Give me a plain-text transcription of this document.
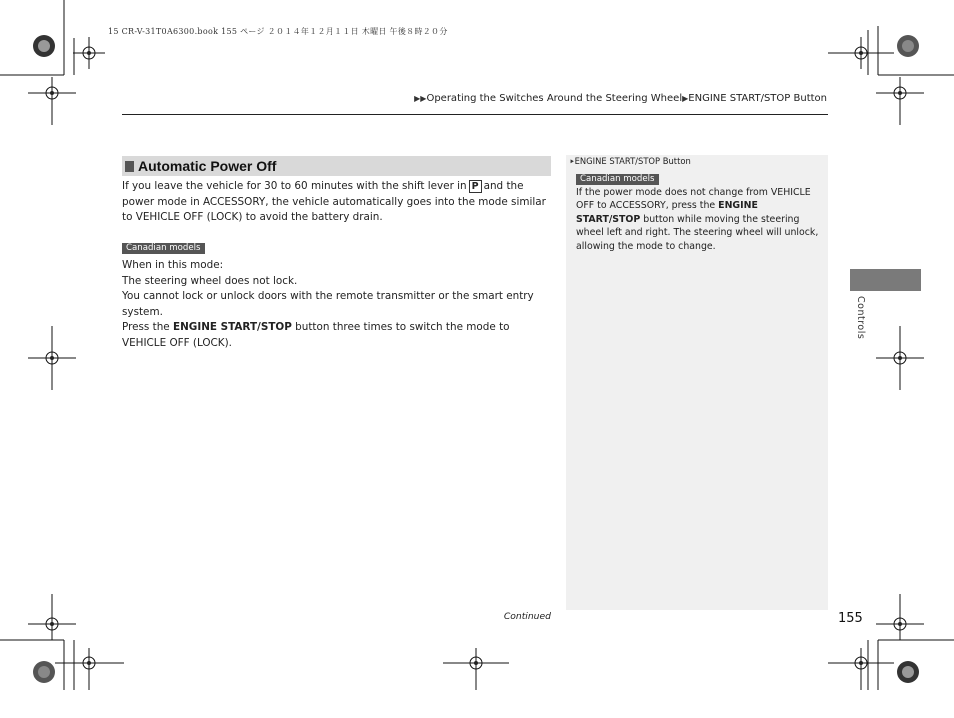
15 CR-V-31T0A6300.book 155 ページ ２０１４年１２月１１日 木曜日 午後８時２０分
▶▶Operating the Switches Around the Steering Wheel▶ENGINE START/STOP Button
Automatic Power Off
If you leave the vehicle for 30 to 60 minutes with the shift lever in P and the power mode in ACCESSORY, the vehicle automatically goes into the mode similar to VEHICLE OFF (LOCK) to avoid the battery drain.
Canadian models
When in this mode:
The steering wheel does not lock.
You cannot lock or unlock doors with the remote transmitter or the smart entry system.
Press the ENGINE START/STOP button three times to switch the mode to VEHICLE OFF (LOCK).
⯈ENGINE START/STOP Button
Canadian models
If the power mode does not change from VEHICLE OFF to ACCESSORY, press the ENGINE START/STOP button while moving the steering wheel left and right. The steering wheel will unlock, allowing the mode to change.
Controls
Continued	155
